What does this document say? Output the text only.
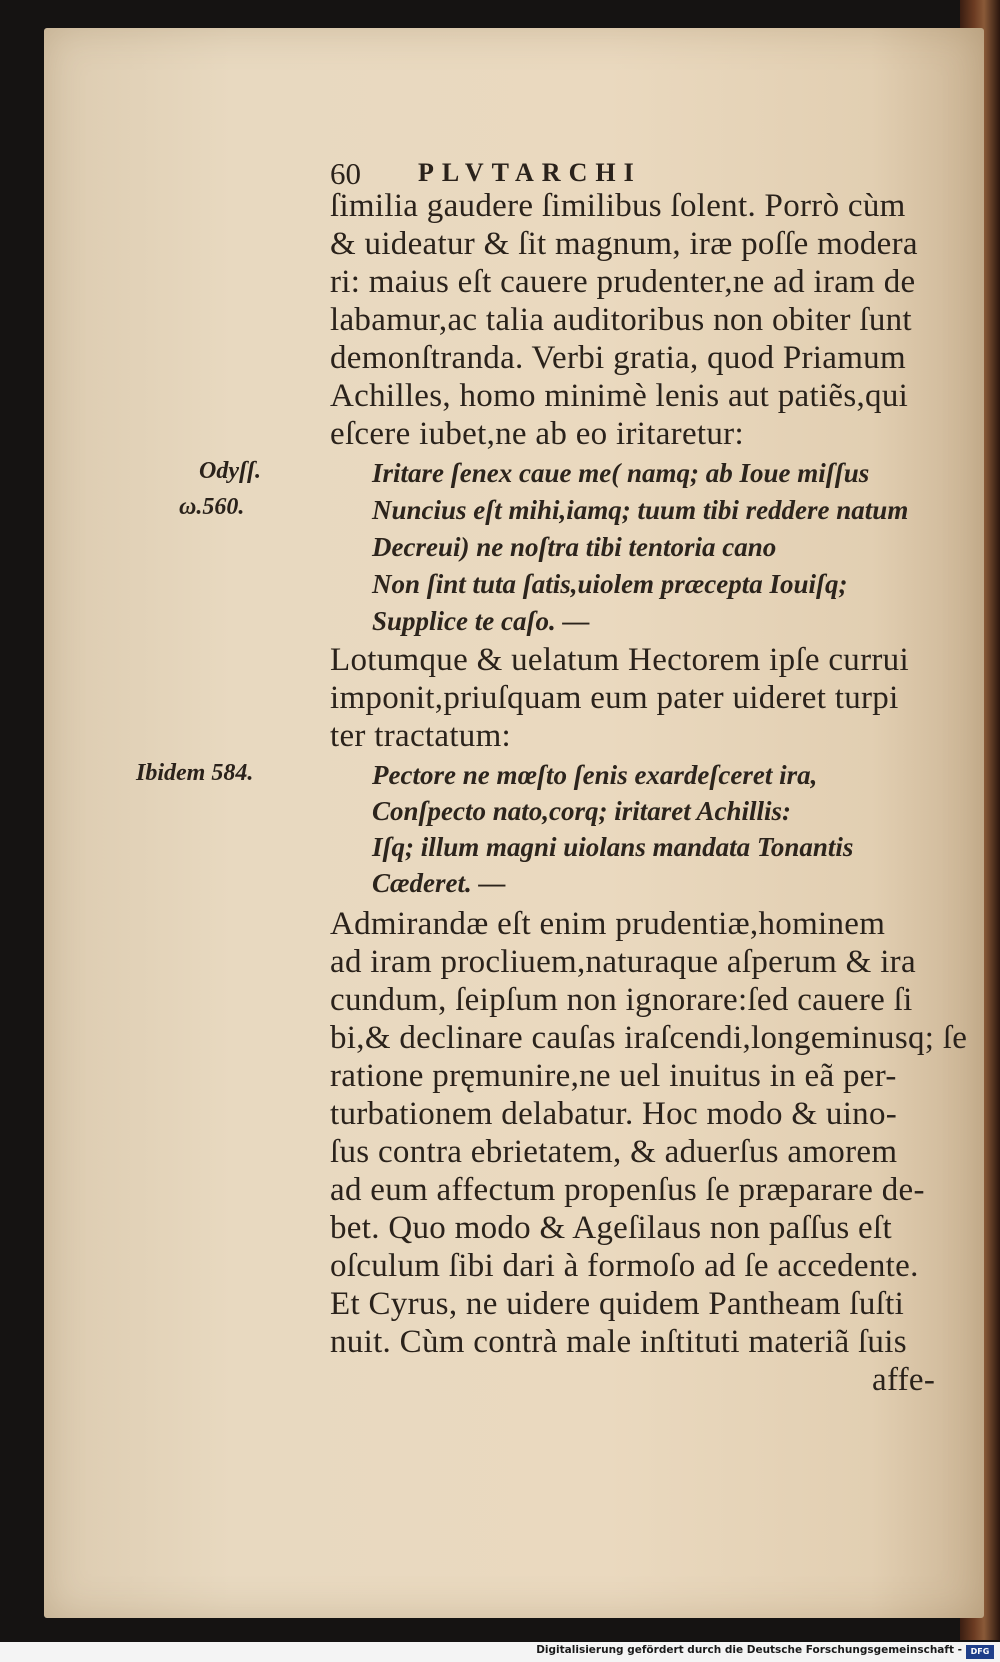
60 PLVTARCHI
ſimilia gaudere ſimilibus ſolent. Porrò cùm
& uideatur & ſit magnum, iræ poſſe modera
ri: maius eſt cauere prudenter,ne ad iram de
labamur,ac talia auditoribus non obiter ſunt
demonſtranda. Verbi gratia, quod Priamum
Achilles, homo minimè lenis aut patiẽs,qui
eſcere iubet,ne ab eo iritaretur:
Odyſſ.
ω.560.
Iritare ſenex caue me( namq; ab Ioue miſſus
Nuncius eſt mihi,iamq; tuum tibi reddere natum
Decreui) ne noſtra tibi tentoria cano
Non ſint tuta ſatis,uiolem præcepta Iouiſq;
Supplice te caſo. —
Lotumque & uelatum Hectorem ipſe currui
imponit,priuſquam eum pater uideret turpi
ter tractatum:
Ibidem 584.	Pectore ne mœſto ſenis exardeſceret ira,
Conſpecto nato,corq; iritaret Achillis:
Iſq; illum magni uiolans mandata Tonantis
Cæderet. —
Admirandæ eſt enim prudentiæ,hominem
ad iram procliuem,naturaque aſperum & ira
cundum, ſeipſum non ignorare:ſed cauere ſi
bi,& declinare cauſas iraſcendi,longeminusq; ſe
ratione pręmunire,ne uel inuitus in eã per-
turbationem delabatur. Hoc modo & uino-
ſus contra ebrietatem, & aduerſus amorem
ad eum affectum propenſus ſe præparare de-
bet. Quo modo & Ageſilaus non paſſus eſt
oſculum ſibi dari à formoſo ad ſe accedente.
Et Cyrus, ne uidere quidem Pantheam ſuſti
nuit. Cùm contrà male inſtituti materiã ſuis
affe-
Digitalisierung gefördert durch die Deutsche Forschungsgemeinschaft -	DFG
